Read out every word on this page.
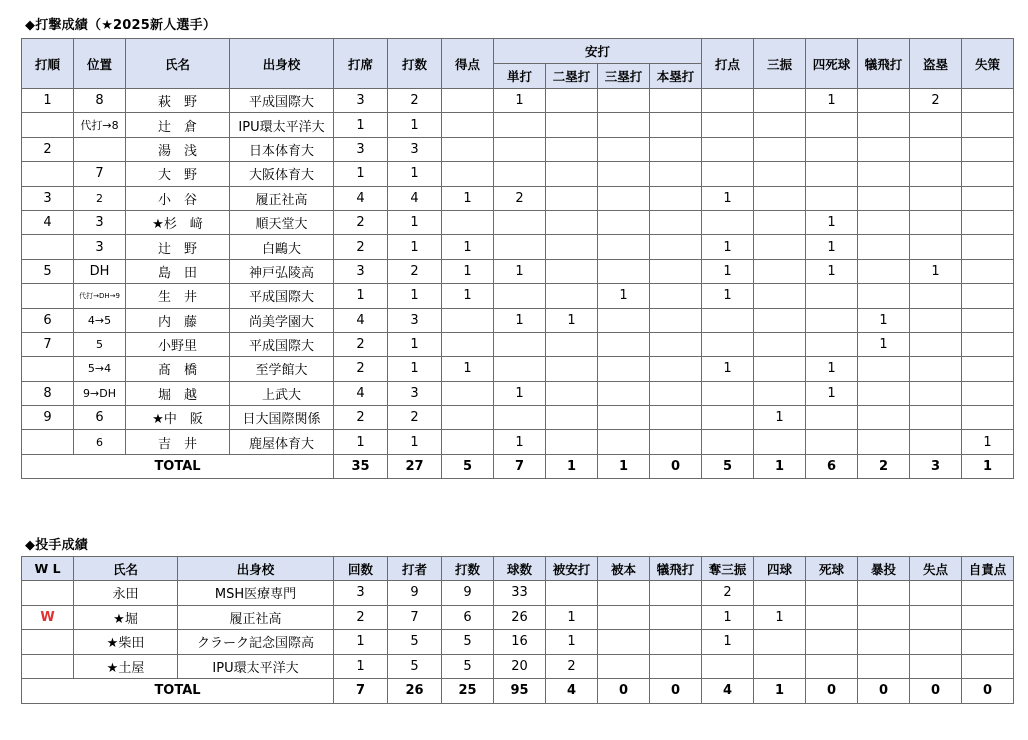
◆打撃成績（★2025新人選手）
打順	位置	氏名	出身校	打席	打数	得点	安打				打点	三振	四死球	犠飛打	盗塁	失策
							単打	二塁打	三塁打	本塁打						
1	8	萩　野	平成国際大	3	2		1						1		2	
	代打→8	辻　倉	IPU環太平洋大	1	1											
2		湯　浅	日本体育大	3	3											
	7	大　野	大阪体育大	1	1											
3	2	小　谷	履正社高	4	4	1	2				1					
4	3	★杉　﨑	順天堂大	2	1								1			
	3	辻　野	白鷗大	2	1	1					1		1			
5	DH	島　田	神戸弘陵高	3	2	1	1				1		1		1	
	代打→DH→9	生　井	平成国際大	1	1	1			1		1					
6	4→5	内　藤	尚美学園大	4	3		1	1						1		
7	5	小野里	平成国際大	2	1									1		
	5→4	髙　橋	至学館大	2	1	1					1		1			
8	9→DH	堀　越	上武大	4	3		1						1			
9	6	★中　阪	日大国際関係	2	2							1				
	6	吉　井	鹿屋体育大	1	1		1									1
TOTAL				35	27	5	7	1	1	0	5	1	6	2	3	1
◆投手成績
W L	氏名	出身校	回数	打者	打数	球数	被安打	被本	犠飛打	奪三振	四球	死球	暴投	失点	自責点
	永田	MSH医療専門	3	9	9	33				2					
W	★堀	履正社高	2	7	6	26	1			1	1				
	★柴田	クラーク記念国際高	1	5	5	16	1			1					
	★土屋	IPU環太平洋大	1	5	5	20	2								
TOTAL			7	26	25	95	4	0	0	4	1	0	0	0	0
